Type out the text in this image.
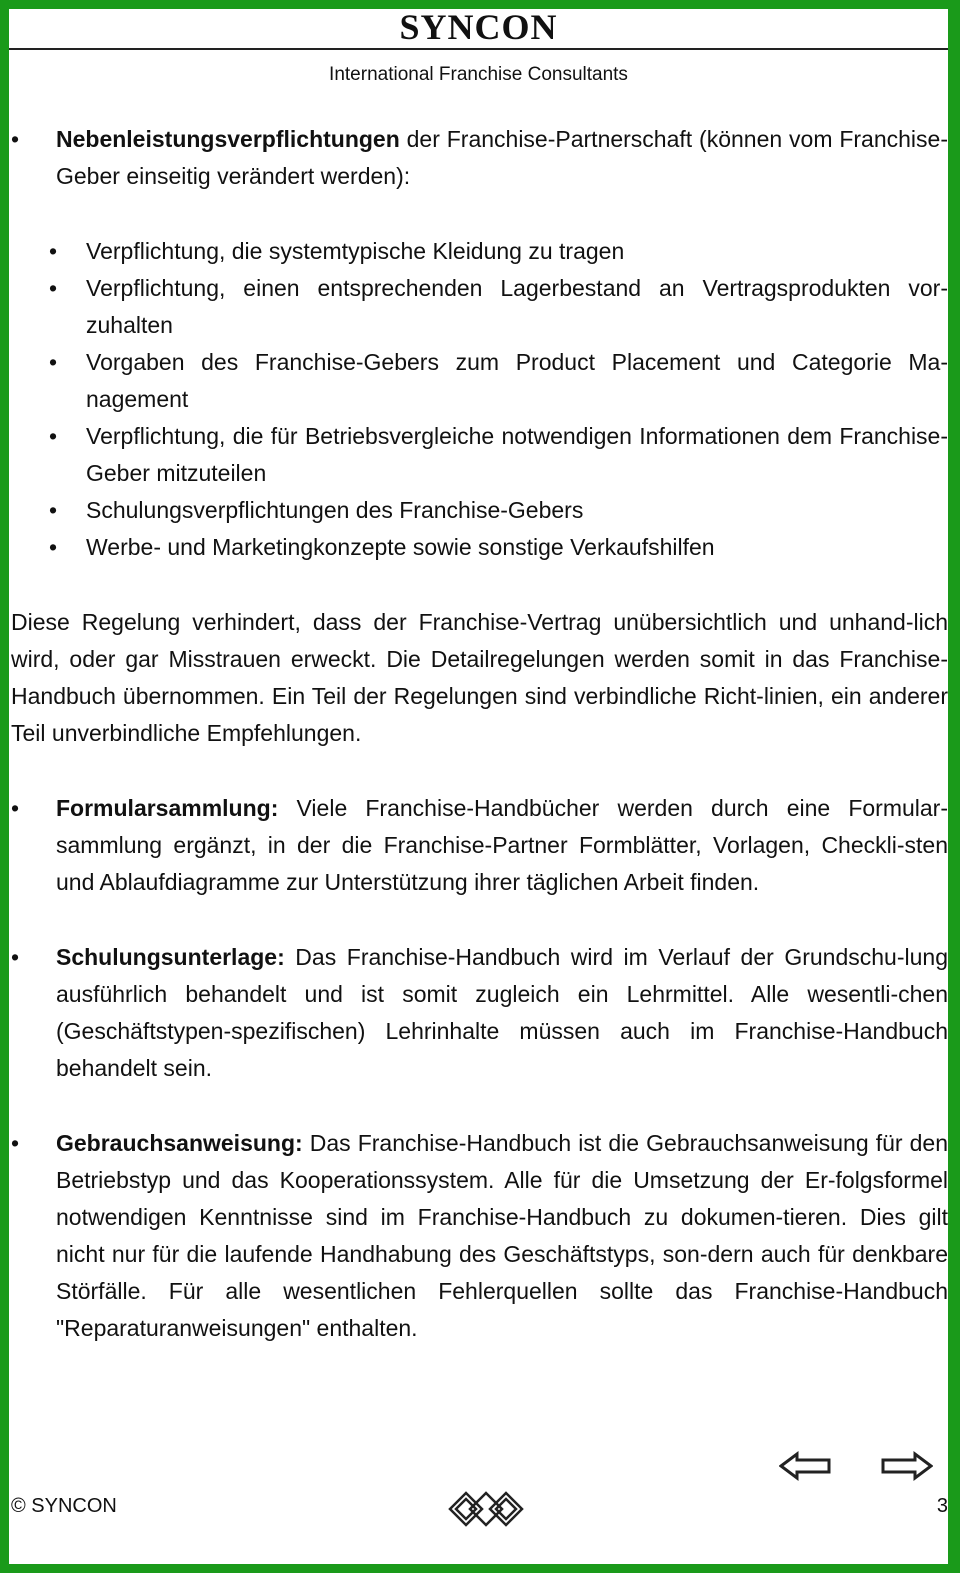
SYNCON
International Franchise Consultants
• Nebenleistungsverpflichtungen der Franchise-Partnerschaft (können vom Franchise-Geber einseitig verändert werden):
• Verpflichtung, die systemtypische Kleidung zu tragen
• Verpflichtung, einen entsprechenden Lagerbestand an Vertragsprodukten vor-zuhalten
• Vorgaben des Franchise-Gebers zum Product Placement und Categorie Ma-nagement
• Verpflichtung, die für Betriebsvergleiche notwendigen Informationen dem Franchise-Geber mitzuteilen
• Schulungsverpflichtungen des Franchise-Gebers
• Werbe- und Marketingkonzepte sowie sonstige Verkaufshilfen

Diese Regelung verhindert, dass der Franchise-Vertrag unübersichtlich und unhand-lich wird, oder gar Misstrauen erweckt. Die Detailregelungen werden somit in das Franchise-Handbuch übernommen. Ein Teil der Regelungen sind verbindliche Richt-linien, ein anderer Teil unverbindliche Empfehlungen.

• Formularsammlung: Viele Franchise-Handbücher werden durch eine Formular-sammlung ergänzt, in der die Franchise-Partner Formblätter, Vorlagen, Checkli-sten und Ablaufdiagramme zur Unterstützung ihrer täglichen Arbeit finden.
• Schulungsunterlage: Das Franchise-Handbuch wird im Verlauf der Grundschu-lung ausführlich behandelt und ist somit zugleich ein Lehrmittel. Alle wesentli-chen (Geschäftstypen-spezifischen) Lehrinhalte müssen auch im Franchise-Handbuch behandelt sein.
• Gebrauchsanweisung: Das Franchise-Handbuch ist die Gebrauchsanweisung für den Betriebstyp und das Kooperationssystem. Alle für die Umsetzung der Er-folgsformel notwendigen Kenntnisse sind im Franchise-Handbuch zu dokumen-tieren. Dies gilt nicht nur für die laufende Handhabung des Geschäftstyps, son-dern auch für denkbare Störfälle. Für alle wesentlichen Fehlerquellen sollte das Franchise-Handbuch "Reparaturanweisungen" enthalten.
© SYNCON	3
